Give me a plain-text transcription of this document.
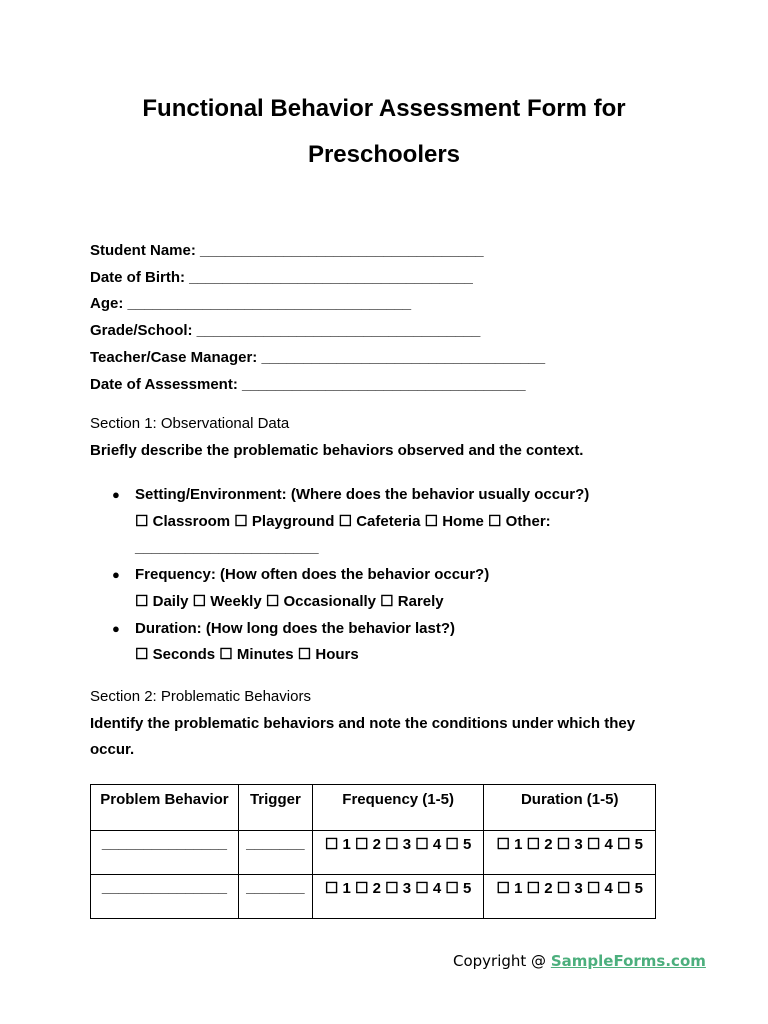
Functional Behavior Assessment Form for
Preschoolers
Student Name: __________________________________
Date of Birth: __________________________________
Age: __________________________________
Grade/School: __________________________________
Teacher/Case Manager: __________________________________
Date of Assessment: __________________________________
Section 1: Observational Data
Briefly describe the problematic behaviors observed and the context.
● Setting/Environment: (Where does the behavior usually occur?)
☐ Classroom ☐ Playground ☐ Cafeteria ☐ Home ☐ Other:
______________________
● Frequency: (How often does the behavior occur?)
☐ Daily ☐ Weekly ☐ Occasionally ☐ Rarely
● Duration: (How long does the behavior last?)
☐ Seconds ☐ Minutes ☐ Hours
Section 2: Problematic Behaviors
Identify the problematic behaviors and note the conditions under which they occur.
Problem Behavior	Trigger	Frequency (1-5)	Duration (1-5)
_______________	_______	☐ 1 ☐ 2 ☐ 3 ☐ 4 ☐ 5	☐ 1 ☐ 2 ☐ 3 ☐ 4 ☐ 5
_______________	_______	☐ 1 ☐ 2 ☐ 3 ☐ 4 ☐ 5	☐ 1 ☐ 2 ☐ 3 ☐ 4 ☐ 5
Copyright @ SampleForms.com
